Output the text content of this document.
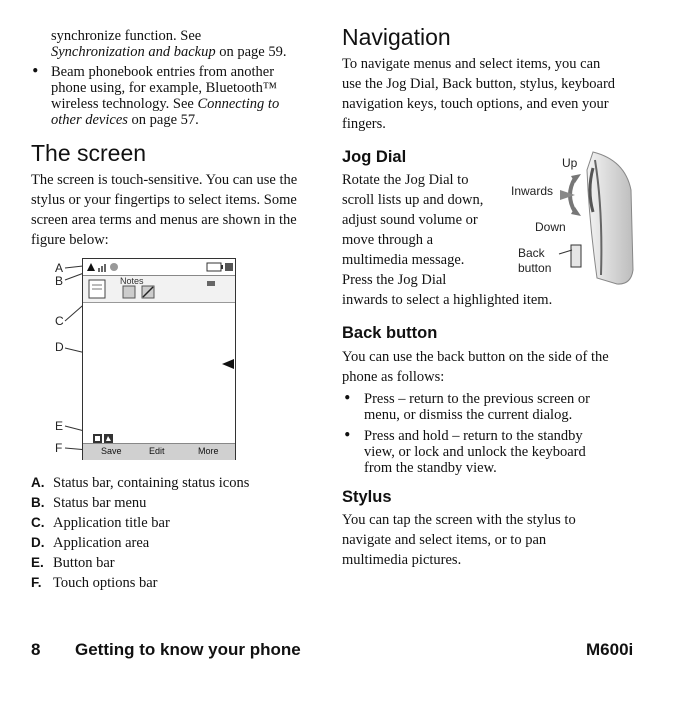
synchronize function. See
Synchronization and backup on page 59.
• Beam phonebook entries from another
phone using, for example, Bluetooth™
wireless technology. See Connecting to
other devices on page 57.
The screen
The screen is touch-sensitive. You can use the
stylus or your fingertips to select items. Some
screen area terms and menus are shown in the
figure below:
A
B
C
D
E
F
Notes
Save	Edit	More
A. Status bar, containing status icons
B. Status bar menu
C. Application title bar
D. Application area
E. Button bar
F. Touch options bar
Navigation
To navigate menus and select items, you can
use the Jog Dial, Back button, stylus, keyboard
navigation keys, touch options, and even your
fingers.
Jog Dial
Rotate the Jog Dial to
scroll lists up and down,
adjust sound volume or
move through a
multimedia message.
Press the Jog Dial
inwards to select a highlighted item.
Up
Inwards
Down
Back
button
Back button
You can use the back button on the side of the
phone as follows:
• Press – return to the previous screen or
menu, or dismiss the current dialog.
• Press and hold – return to the standby
view, or lock and unlock the keyboard
from the standby view.
Stylus
You can tap the screen with the stylus to
navigate and select items, or to pan
multimedia pictures.
8 Getting to know your phone	M600i
